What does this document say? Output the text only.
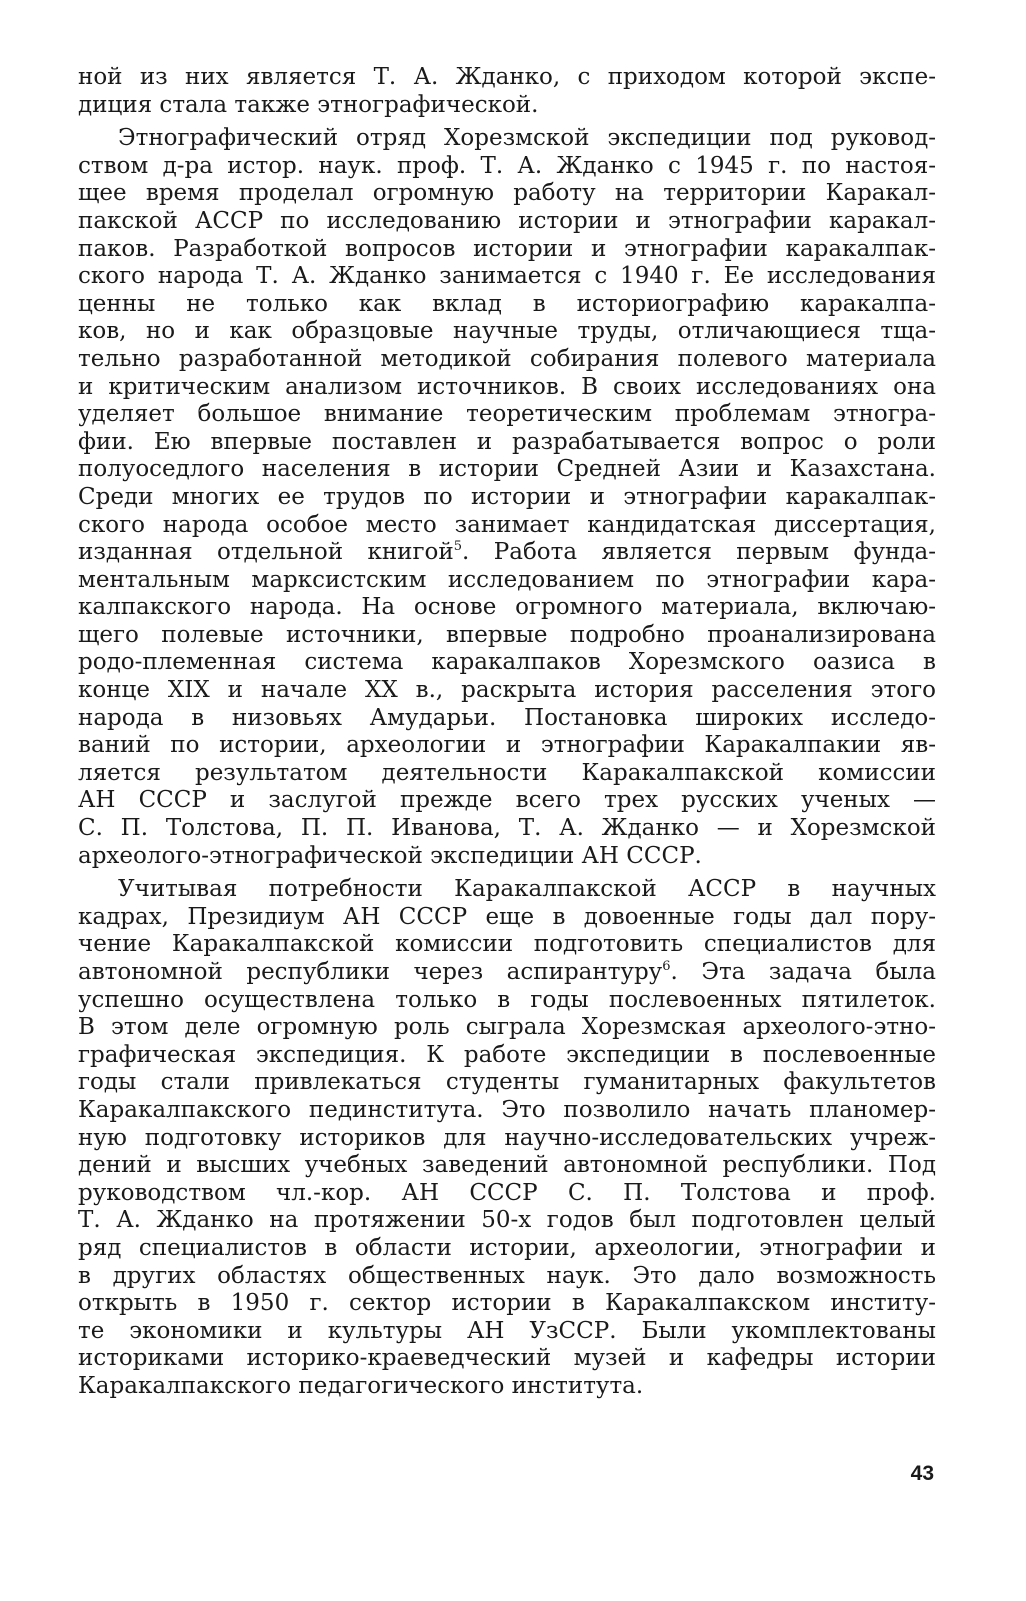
ной из них является Т. А. Жданко, с приходом которой экспе-
диция стала также этнографической.
Этнографический отряд Хорезмской экспедиции под руковод-
ством д-ра истор. наук. проф. Т. А. Жданко с 1945 г. по настоя-
щее время проделал огромную работу на территории Каракал-
пакской АССР по исследованию истории и этнографии каракал-
паков. Разработкой вопросов истории и этнографии каракалпак-
ского народа Т. А. Жданко занимается с 1940 г. Ее исследования
ценны не только как вклад в историографию каракалпа-
ков, но и как образцовые научные труды, отличающиеся тща-
тельно разработанной методикой собирания полевого материала
и критическим анализом источников. В своих исследованиях она
уделяет большое внимание теоретическим проблемам этногра-
фии. Ею впервые поставлен и разрабатывается вопрос о роли
полуоседлого населения в истории Средней Азии и Казахстана.
Среди многих ее трудов по истории и этнографии каракалпак-
ского народа особое место занимает кандидатская диссертация,
изданная отдельной книгой$^5$. Работа является первым фунда-
ментальным марксистским исследованием по этнографии кара-
калпакского народа. На основе огромного материала, включаю-
щего полевые источники, впервые подробно проанализирована
родо-племенная система каракалпаков Хорезмского оазиса в
конце XIX и начале XX в., раскрыта история расселения этого
народа в низовьях Амударьи. Постановка широких исследо-
ваний по истории, археологии и этнографии Каракалпакии яв-
ляется результатом деятельности Каракалпакской комиссии
АН СССР и заслугой прежде всего трех русских ученых —
С. П. Толстова, П. П. Иванова, Т. А. Жданко — и Хорезмской
археолого-этнографической экспедиции АН СССР.
Учитывая потребности Каракалпакской АССР в научных
кадрах, Президиум АН СССР еще в довоенные годы дал пору-
чение Каракалпакской комиссии подготовить специалистов для
автономной республики через аспирантуру$^6$. Эта задача была
успешно осуществлена только в годы послевоенных пятилеток.
В этом деле огромную роль сыграла Хорезмская археолого-этно-
графическая экспедиция. К работе экспедиции в послевоенные
годы стали привлекаться студенты гуманитарных факультетов
Каракалпакского пединститута. Это позволило начать планомер-
ную подготовку историков для научно-исследовательских учреж-
дений и высших учебных заведений автономной республики. Под
руководством чл.-кор. АН СССР С. П. Толстова и проф.
Т. А. Жданко на протяжении 50-х годов был подготовлен целый
ряд специалистов в области истории, археологии, этнографии и
в других областях общественных наук. Это дало возможность
открыть в 1950 г. сектор истории в Каракалпакском институ-
те экономики и культуры АН УзССР. Были укомплектованы
историками историко-краеведческий музей и кафедры истории
Каракалпакского педагогического института.
43
